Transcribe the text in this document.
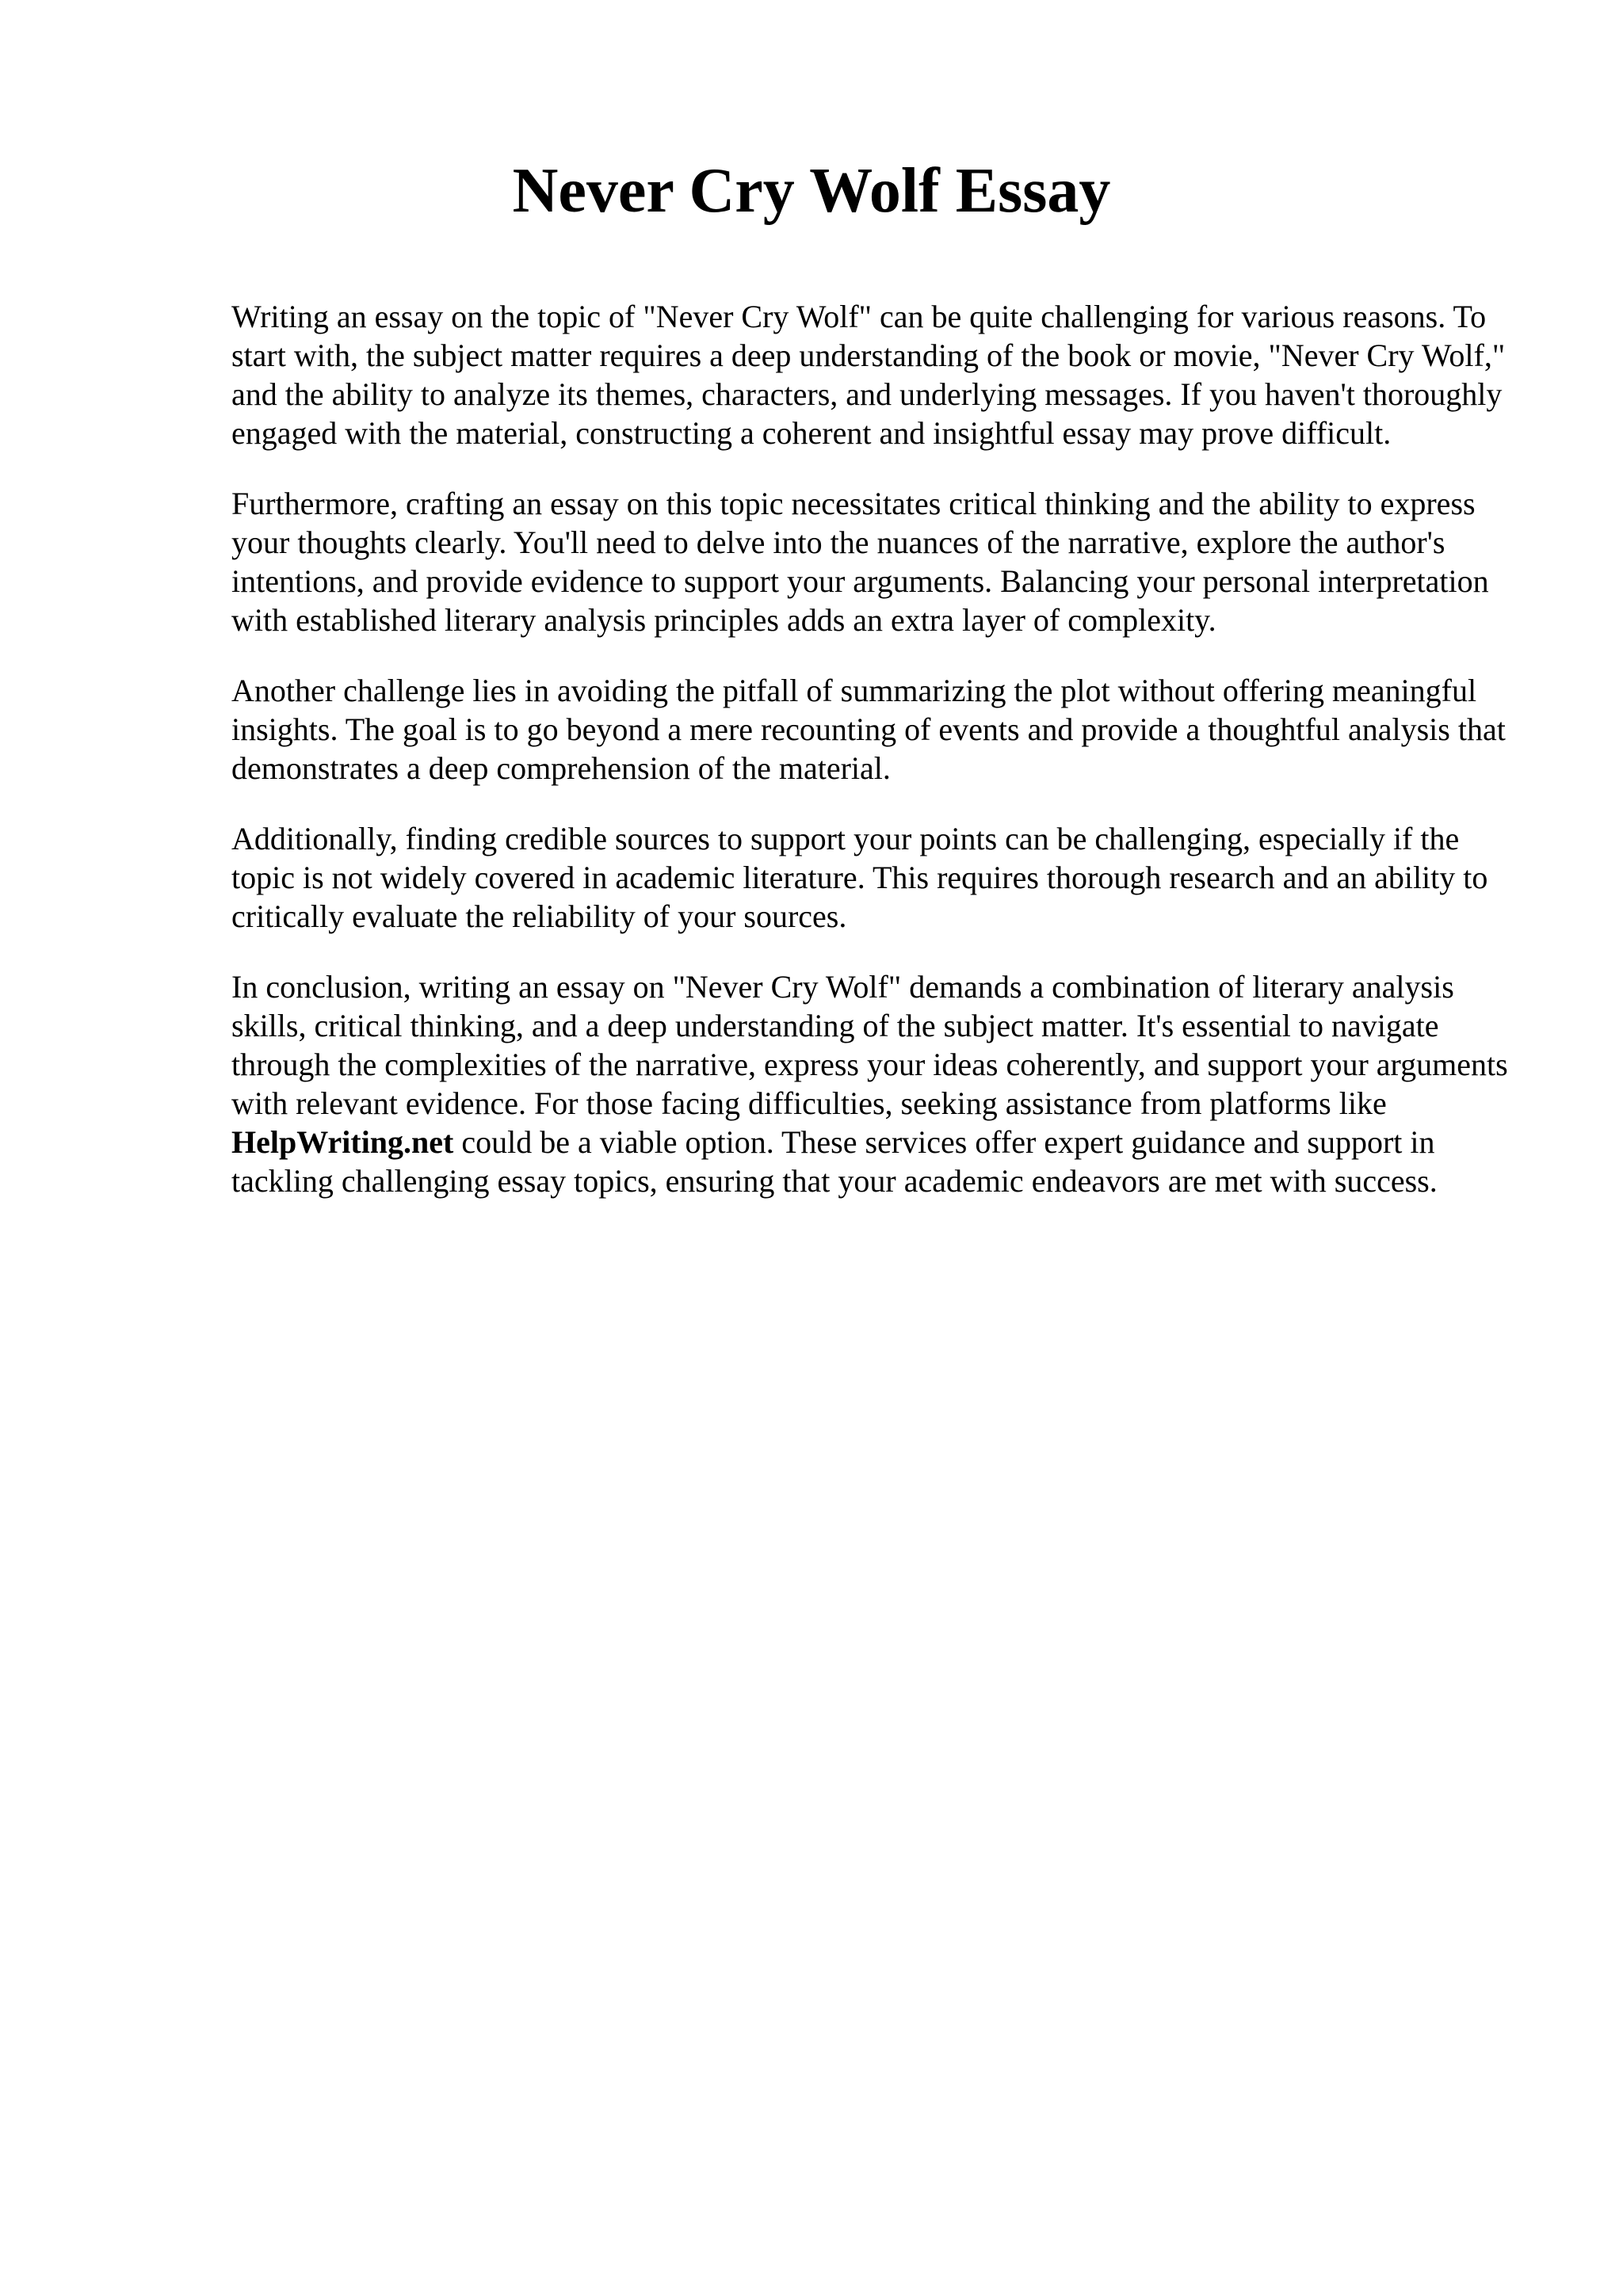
Never Cry Wolf Essay

Writing an essay on the topic of "Never Cry Wolf" can be quite challenging for various reasons. To start with, the subject matter requires a deep understanding of the book or movie, "Never Cry Wolf," and the ability to analyze its themes, characters, and underlying messages. If you haven't thoroughly engaged with the material, constructing a coherent and insightful essay may prove difficult.

Furthermore, crafting an essay on this topic necessitates critical thinking and the ability to express your thoughts clearly. You'll need to delve into the nuances of the narrative, explore the author's intentions, and provide evidence to support your arguments. Balancing your personal interpretation with established literary analysis principles adds an extra layer of complexity.

Another challenge lies in avoiding the pitfall of summarizing the plot without offering meaningful insights. The goal is to go beyond a mere recounting of events and provide a thoughtful analysis that demonstrates a deep comprehension of the material.

Additionally, finding credible sources to support your points can be challenging, especially if the topic is not widely covered in academic literature. This requires thorough research and an ability to critically evaluate the reliability of your sources.

In conclusion, writing an essay on "Never Cry Wolf" demands a combination of literary analysis skills, critical thinking, and a deep understanding of the subject matter. It's essential to navigate through the complexities of the narrative, express your ideas coherently, and support your arguments with relevant evidence. For those facing difficulties, seeking assistance from platforms like HelpWriting.net could be a viable option. These services offer expert guidance and support in tackling challenging essay topics, ensuring that your academic endeavors are met with success.
